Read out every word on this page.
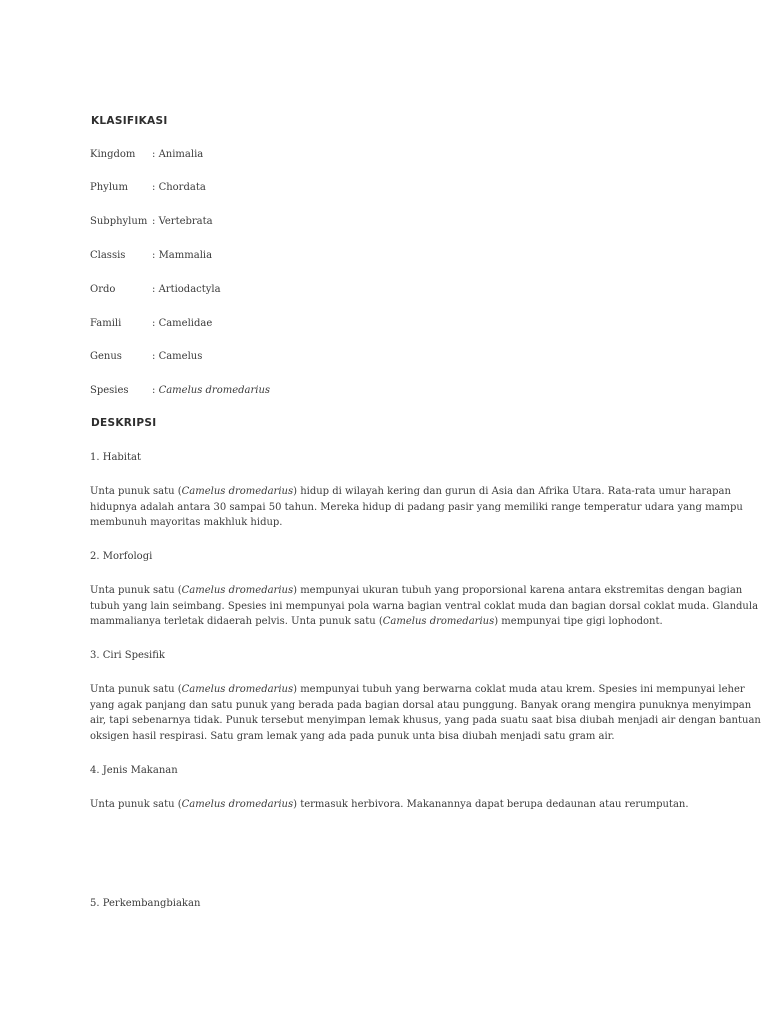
KLASIFIKASI
Kingdom : Animalia
Phylum : Chordata
Subphylum : Vertebrata
Classis	: Mammalia
Ordo	: Artiodactyla
Famili	: Camelidae
Genus	: Camelus
Spesies : Camelus dromedarius
DESKRIPSI
1. Habitat
Unta punuk satu (Camelus dromedarius) hidup di wilayah kering dan gurun di Asia dan Afrika Utara. Rata-rata umur harapan
hidupnya adalah antara 30 sampai 50 tahun. Mereka hidup di padang pasir yang memiliki range temperatur udara yang mampu
membunuh mayoritas makhluk hidup.
2. Morfologi
Unta punuk satu (Camelus dromedarius) mempunyai ukuran tubuh yang proporsional karena antara ekstremitas dengan bagian
tubuh yang lain seimbang. Spesies ini mempunyai pola warna bagian ventral coklat muda dan bagian dorsal coklat muda. Glandula
mammalianya terletak didaerah pelvis. Unta punuk satu (Camelus dromedarius) mempunyai tipe gigi lophodont.
3. Ciri Spesifik
Unta punuk satu (Camelus dromedarius) mempunyai tubuh yang berwarna coklat muda atau krem. Spesies ini mempunyai leher
yang agak panjang dan satu punuk yang berada pada bagian dorsal atau punggung. Banyak orang mengira punuknya menyimpan
air, tapi sebenarnya tidak. Punuk tersebut menyimpan lemak khusus, yang pada suatu saat bisa diubah menjadi air dengan bantuan
oksigen hasil respirasi. Satu gram lemak yang ada pada punuk unta bisa diubah menjadi satu gram air.
4. Jenis Makanan
Unta punuk satu (Camelus dromedarius) termasuk herbivora. Makanannya dapat berupa dedaunan atau rerumputan.
5. Perkembangbiakan
